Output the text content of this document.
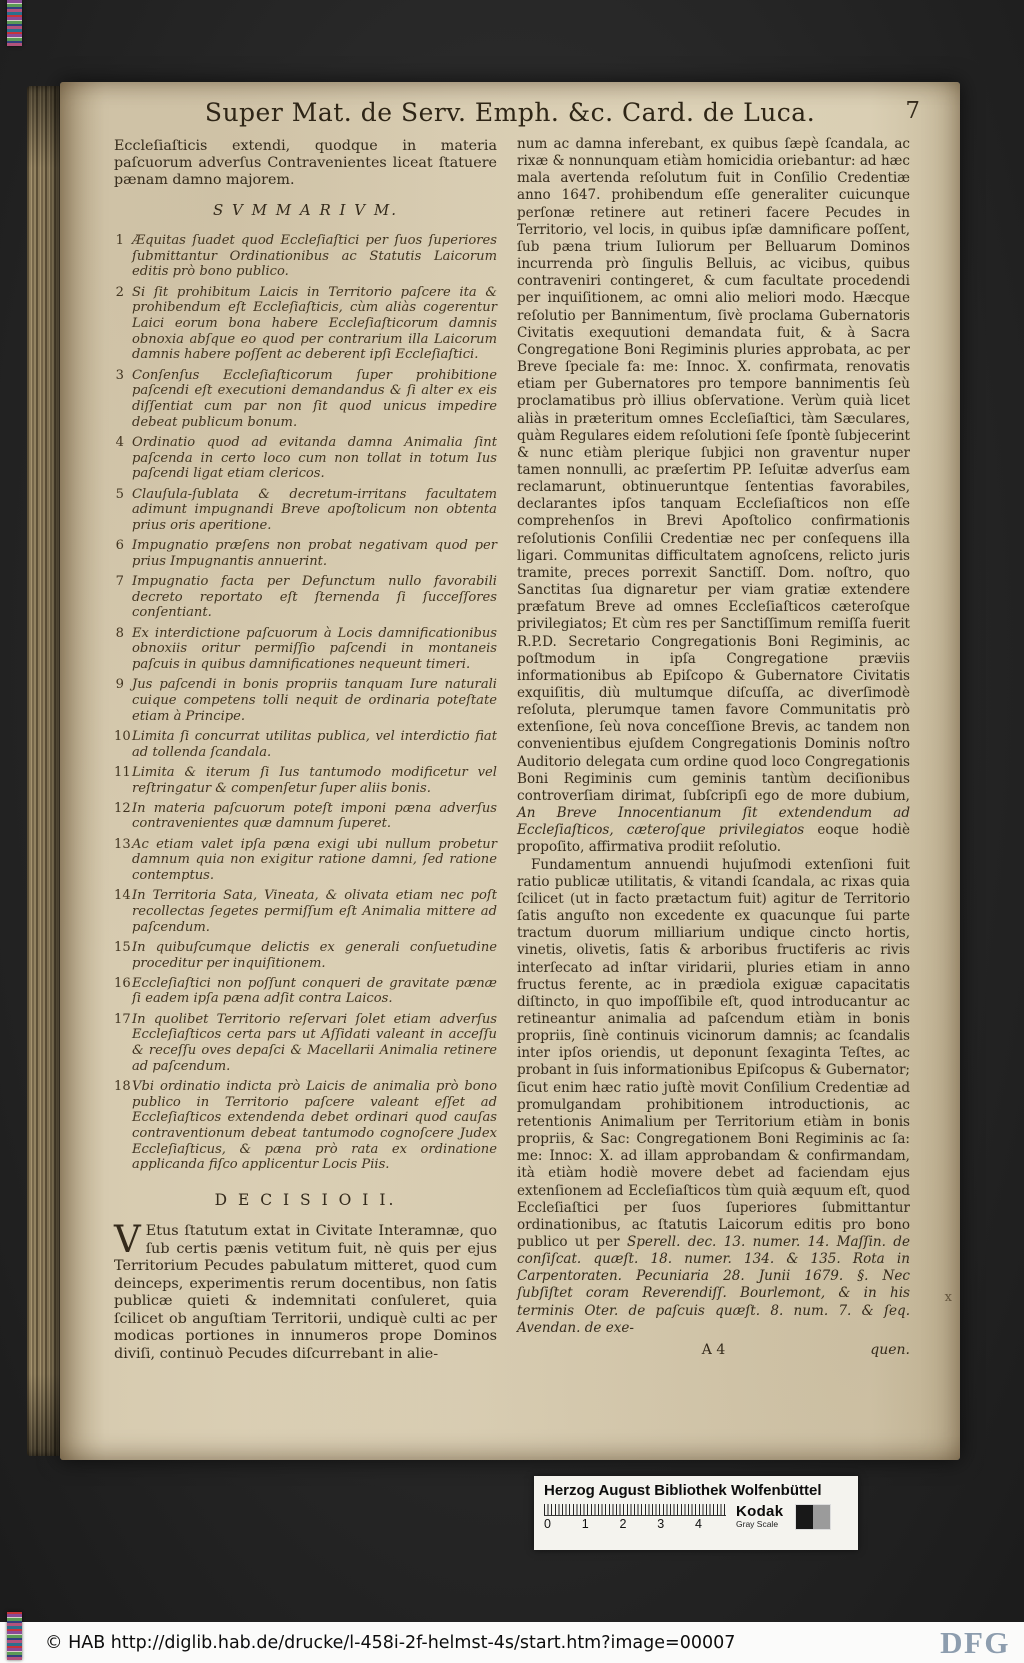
Super Mat. de Serv. Emph. &c. Card. de Luca.	7

Eccleſiaſticis extendi, quodque in materia paſcuorum adverſus Contravenientes liceat ſtatuere pænam damno majorem.

S V M M A R I V M.
1 Æquitas ſuadet quod Eccleſiaſtici per ſuos ſuperiores ſubmittantur Ordinationibus ac Statutis Laicorum editis prò bono publico.
2 Si ſit prohibitum Laicis in Territorio paſcere ita & prohibendum eſt Eccleſiaſticis, cùm aliàs cogerentur Laici eorum bona habere Eccleſiaſticorum damnis obnoxia abſque eo quod per contrarium illa Laicorum damnis habere poſſent ac deberent ipſi Eccleſiaſtici.
3 Conſenſus Eccleſiaſticorum ſuper prohibitione paſcendi eſt executioni demandandus & ſi alter ex eis diſſentiat cum par non ſit quod unicus impedire debeat publicum bonum.
4 Ordinatio quod ad evitanda damna Animalia ſint paſcenda in certo loco cum non tollat in totum Ius paſcendi ligat etiam clericos.
5 Clauſula-ſublata & decretum-irritans facultatem adimunt impugnandi Breve apoſtolicum non obtenta prius oris aperitione.
6 Impugnatio præſens non probat negativam quod per prius Impugnantis annuerint.
7 Impugnatio facta per Defunctum nullo favorabili decreto reportato eſt ſternenda ſi ſucceſſores conſentiant.
8 Ex interdictione paſcuorum à Locis damnificationibus obnoxiis oritur permiſſio paſcendi in montaneis paſcuis in quibus damnificationes nequeunt timeri.
9 Jus paſcendi in bonis propriis tanquam Iure naturali cuique competens tolli nequit de ordinaria poteſtate etiam à Principe.
10 Limita ſi concurrat utilitas publica, vel interdictio fiat ad tollenda ſcandala.
11 Limita & iterum ſi Ius tantumodo modificetur vel reſtringatur & compenſetur ſuper aliis bonis.
12 In materia paſcuorum poteſt imponi pæna adverſus contravenientes quæ damnum ſuperet.
13 Ac etiam valet ipſa pæna exigi ubi nullum probetur damnum quia non exigitur ratione damni, ſed ratione contemptus.
14 In Territoria Sata, Vineata, & olivata etiam nec poſt recollectas ſegetes permiſſum eſt Animalia mittere ad paſcendum.
15 In quibuſcumque delictis ex generali conſuetudine proceditur per inquiſitionem.
16 Eccleſiaſtici non poſſunt conqueri de gravitate pænæ ſi eadem ipſa pæna adſit contra Laicos.
17 In quolibet Territorio reſervari ſolet etiam adverſus Eccleſiaſticos certa pars ut Aſſidati valeant in acceſſu & receſſu oves depaſci & Macellarii Animalia retinere ad paſcendum.
18 Vbi ordinatio indicta prò Laicis de animalia prò bono publico in Territorio paſcere valeant eſſet ad Eccleſiaſticos extendenda debet ordinari quod cauſas contraventionum debeat tantumodo cognoſcere Judex Eccleſiaſticus, & pæna prò rata ex ordinatione applicanda fiſco applicentur Locis Piis.
D E C I S I O I I.

V Etus ſtatutum extat in Civitate Interamnæ, quo ſub certis pænis vetitum fuit, nè quis per ejus Territorium Pecudes pabulatum mitteret, quod cum deinceps, experimentis rerum docentibus, non ſatis publicæ quieti & indemnitati conſuleret, quia ſcilicet ob anguſtiam Territorii, undiquè culti ac per modicas portiones in innumeros prope Dominos diviſi, continuò Pecudes diſcurrebant in alie-

num ac damna inferebant, ex quibus ſæpè ſcandala, ac rixæ & nonnunquam etiàm homicidia oriebantur: ad hæc mala avertenda reſolutum fuit in Conſilio Credentiæ anno 1647. prohibendum eſſe generaliter cuicunque perſonæ retinere aut retineri facere Pecudes in Territorio, vel locis, in quibus ipſæ damnificare poſſent, ſub pæna trium Iuliorum per Belluarum Dominos incurrenda prò ſingulis Belluis, ac vicibus, quibus contraveniri contingeret, & cum facultate procedendi per inquiſitionem, ac omni alio meliori modo. Hæcque reſolutio per Bannimentum, ſivè proclama Gubernatoris Civitatis exequutioni demandata fuit, & à Sacra Congregatione Boni Regiminis pluries approbata, ac per Breve ſpeciale fa: me: Innoc. X. confirmata, renovatis etiam per Gubernatores pro tempore bannimentis ſeù proclamatibus prò illius obſervatione. Verùm quià licet aliàs in præteritum omnes Eccleſiaſtici, tàm Sæculares, quàm Regulares eidem reſolutioni ſeſe ſpontè ſubjecerint & nunc etiàm plerique ſubjici non graventur nuper tamen nonnulli, ac præſertim PP. Ieſuitæ adverſus eam reclamarunt, obtinueruntque ſententias favorabiles, declarantes ipſos tanquam Eccleſiaſticos non eſſe comprehenſos in Brevi Apoſtolico confirmationis reſolutionis Conſilii Credentiæ nec per conſequens illa ligari. Communitas difficultatem agnoſcens, relicto juris tramite, preces porrexit Sanctiſſ. Dom. noſtro, quo Sanctitas ſua dignaretur per viam gratiæ extendere præfatum Breve ad omnes Eccleſiaſticos cæteroſque privilegiatos; Et cùm res per Sanctiſſimum remiſſa fuerit R.P.D. Secretario Congregationis Boni Regiminis, ac poſtmodum in ipſa Congregatione præviis informationibus ab Epiſcopo & Gubernatore Civitatis exquiſitis, diù multumque diſcuſſa, ac diverſimodè reſoluta, plerumque tamen favore Communitatis prò extenſione, ſeù nova conceſſione Brevis, ac tandem non convenientibus ejuſdem Congregationis Dominis noſtro Auditorio delegata cum ordine quod loco Congregationis Boni Regiminis cum geminis tantùm deciſionibus controverſiam dirimat, ſubſcripſi ego de more dubium, An Breve Innocentianum ſit extendendum ad Eccleſiaſticos, cæteroſque privilegiatos eoque hodiè propoſito, affirmativa prodiit reſolutio.

Fundamentum annuendi hujuſmodi extenſioni fuit ratio publicæ utilitatis, & vitandi ſcandala, ac rixas quia ſcilicet (ut in facto prætactum fuit) agitur de Territorio ſatis anguſto non excedente ex quacunque ſui parte tractum duorum milliarium undique cincto hortis, vinetis, olivetis, ſatis & arboribus fructiferis ac rivis interſecato ad inſtar viridarii, pluries etiam in anno fructus ferente, ac in prædiola exiguæ capacitatis diſtincto, in quo impoſſibile eſt, quod introducantur ac retineantur animalia ad paſcendum etiàm in bonis propriis, ſinè continuis vicinorum damnis; ac ſcandalis inter ipſos oriendis, ut deponunt ſexaginta Teſtes, ac probant in ſuis informationibus Epiſcopus & Gubernator; ſicut enim hæc ratio juſtè movit Conſilium Credentiæ ad promulgandam prohibitionem introductionis, ac retentionis Animalium per Territorium etiàm in bonis propriis, & Sac: Congregationem Boni Regiminis ac ſa: me: Innoc: X. ad illam approbandam & confirmandam, ità etiàm hodiè movere debet ad faciendam ejus extenſionem ad Eccleſiaſticos tùm quià æquum eſt, quod Eccleſiaſtici per ſuos ſuperiores ſubmittantur ordinationibus, ac ſtatutis Laicorum editis pro bono publico ut per Sperell. dec. 13. numer. 14. Maſſin. de conſiſcat. quæſt. 18. numer. 134. & 135. Rota in Carpentoraten. Pecuniaria 28. Junii 1679. §. Nec ſubſiſtet coram Reverendiſſ. Bourlemont, & in his terminis Oter. de paſcuis quæſt. 8. num. 7. & ſeq. Avendan. de exe-

A 4	quen.
x
Herzog August Bibliothek Wolfenbüttel
0 1 2 3 4
Kodak
Gray Scale
© HAB http://diglib.hab.de/drucke/l-458i-2f-helmst-4s/start.htm?image=00007	DFG
